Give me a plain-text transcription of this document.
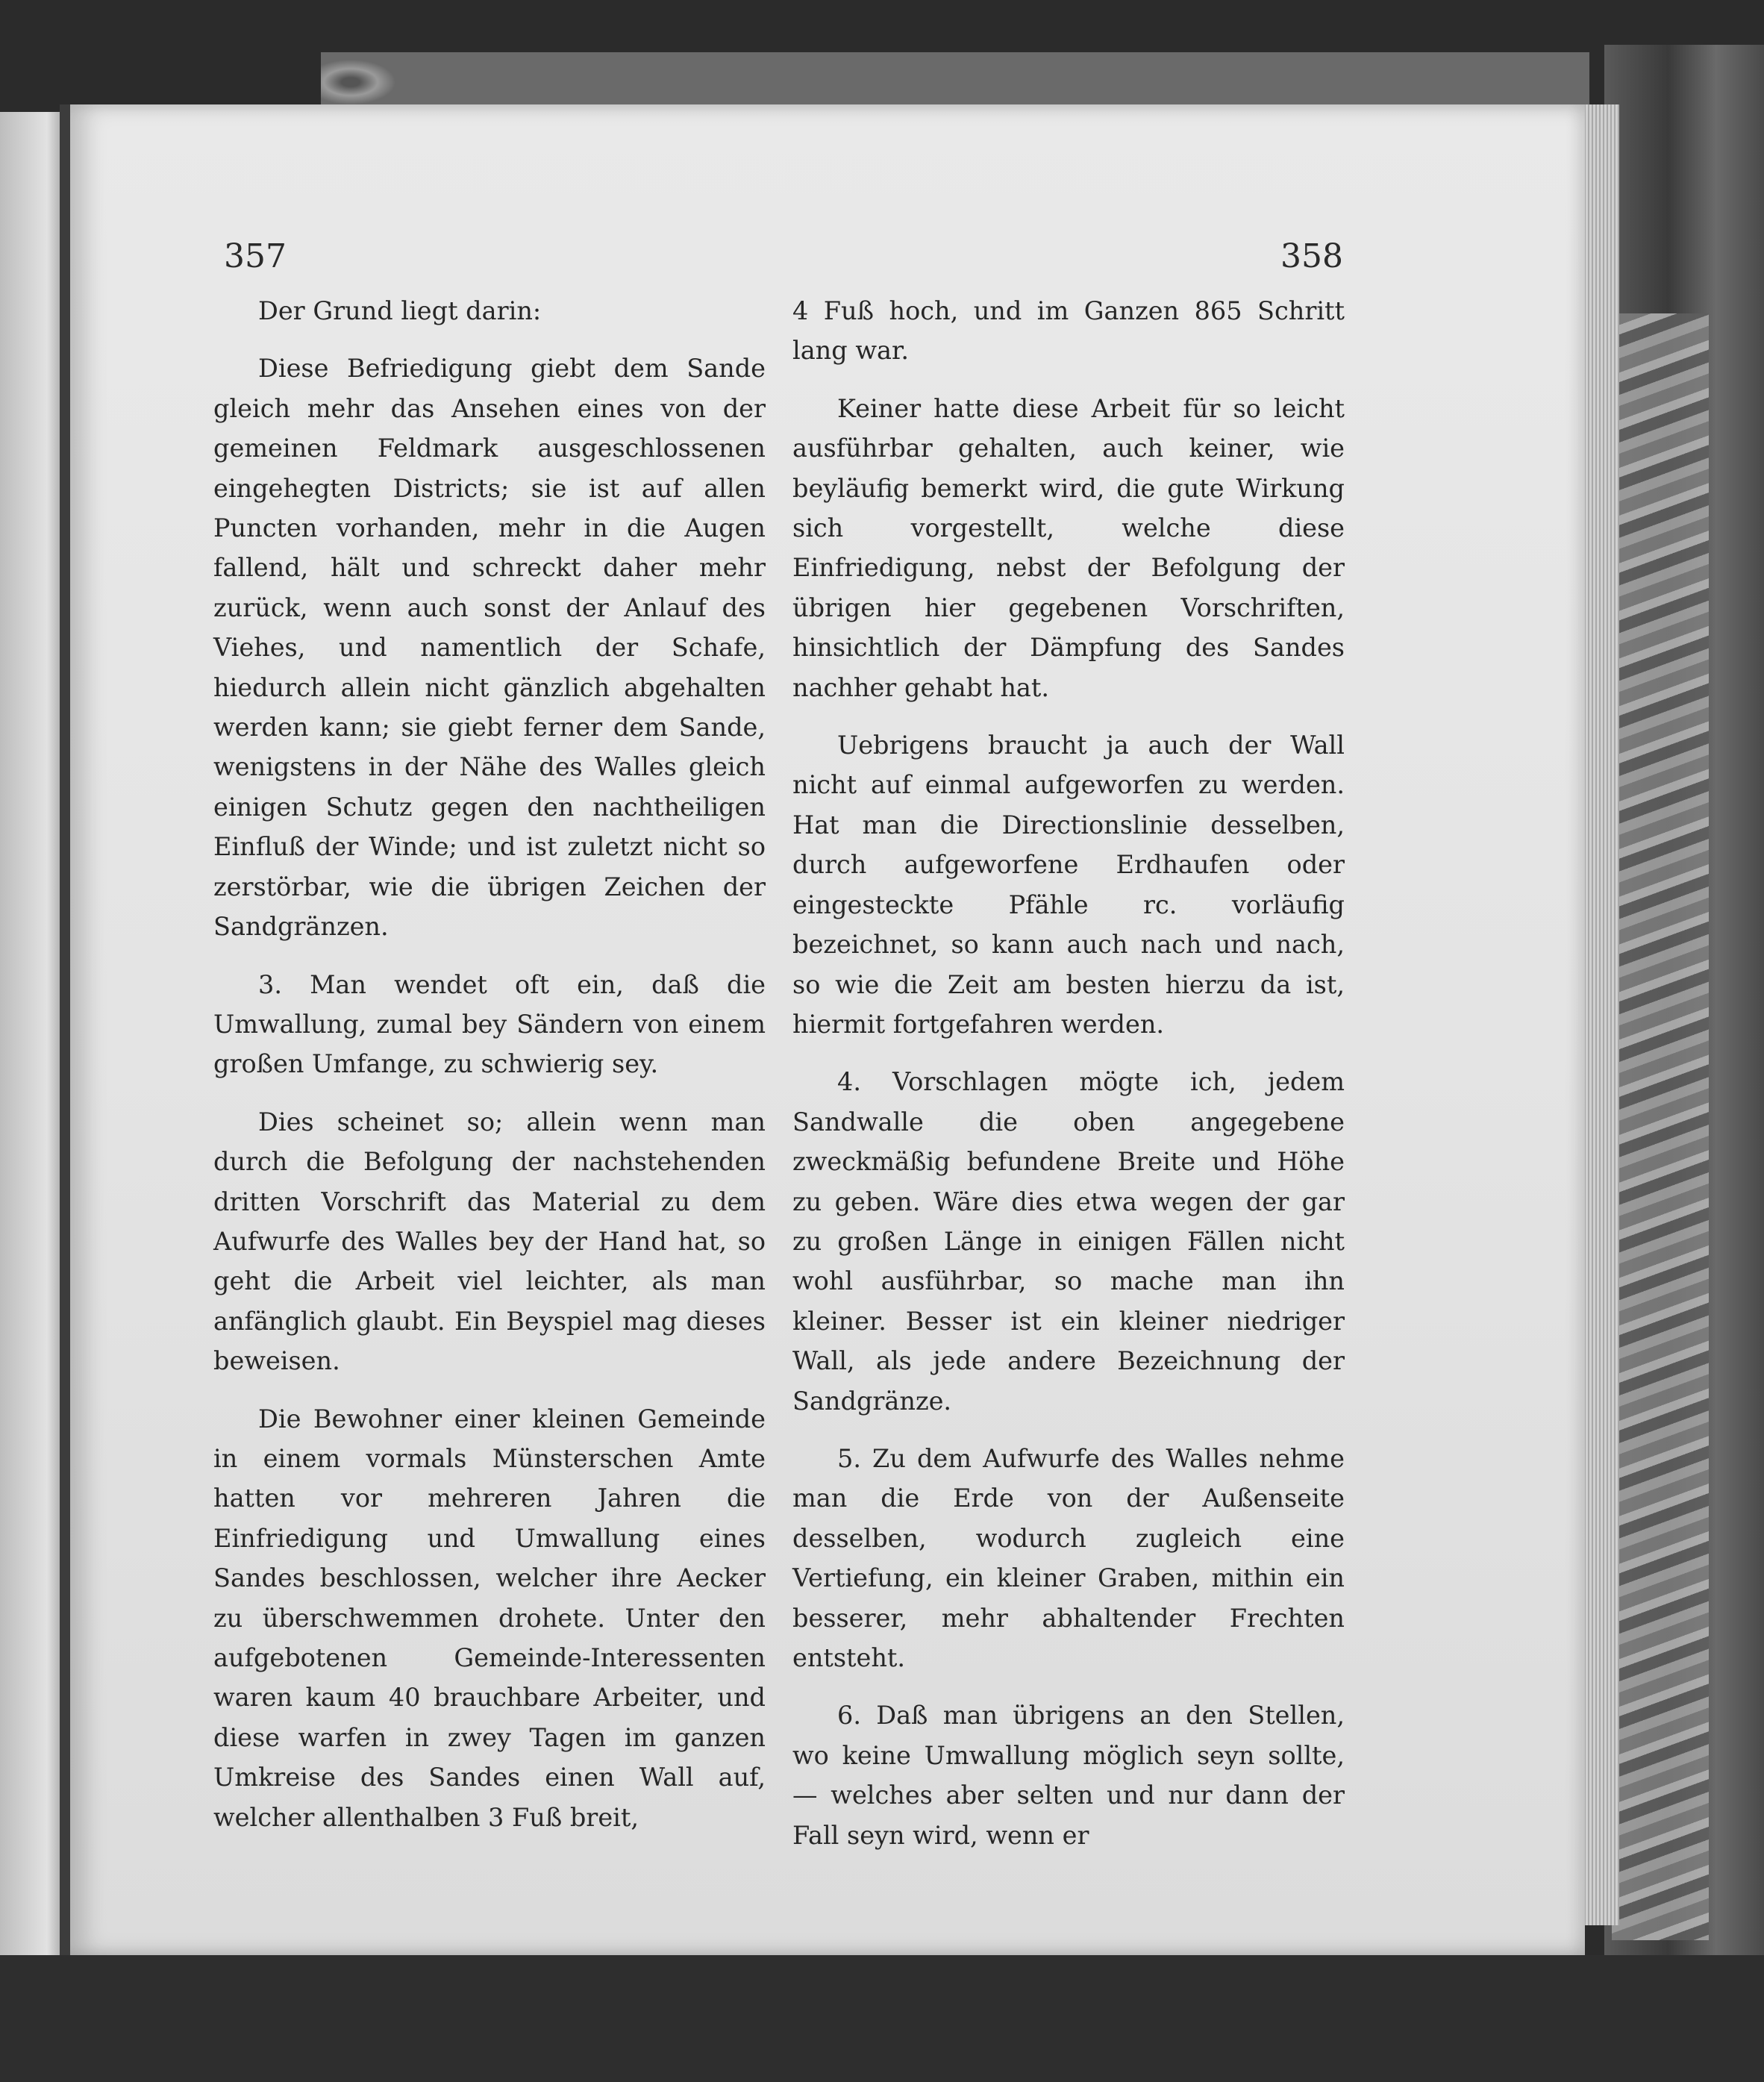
357	358

Der Grund liegt darin:

Diese Befriedigung giebt dem Sande gleich mehr das Ansehen eines von der gemeinen Feldmark ausgeschlossenen eingehegten Districts; sie ist auf allen Puncten vorhanden, mehr in die Augen fallend, hält und schreckt daher mehr zurück, wenn auch sonst der Anlauf des Viehes, und namentlich der Schafe, hiedurch allein nicht gänzlich abgehalten werden kann; sie giebt ferner dem Sande, wenigstens in der Nähe des Walles gleich einigen Schutz gegen den nachtheiligen Einfluß der Winde; und ist zuletzt nicht so zerstörbar, wie die übrigen Zeichen der Sandgränzen.

3. Man wendet oft ein, daß die Umwallung, zumal bey Sändern von einem großen Umfange, zu schwierig sey.

Dies scheinet so; allein wenn man durch die Befolgung der nachstehenden dritten Vorschrift das Material zu dem Aufwurfe des Walles bey der Hand hat, so geht die Arbeit viel leichter, als man anfänglich glaubt. Ein Beyspiel mag dieses beweisen.

Die Bewohner einer kleinen Gemeinde in einem vormals Münsterschen Amte hatten vor mehreren Jahren die Einfriedigung und Umwallung eines Sandes beschlossen, welcher ihre Aecker zu überschwemmen drohete. Unter den aufgebotenen Gemeinde-Interessenten waren kaum 40 brauchbare Arbeiter, und diese warfen in zwey Tagen im ganzen Umkreise des Sandes einen Wall auf, welcher allenthalben 3 Fuß breit,

4 Fuß hoch, und im Ganzen 865 Schritt lang war.

Keiner hatte diese Arbeit für so leicht ausführbar gehalten, auch keiner, wie beyläufig bemerkt wird, die gute Wirkung sich vorgestellt, welche diese Einfriedigung, nebst der Befolgung der übrigen hier gegebenen Vorschriften, hinsichtlich der Dämpfung des Sandes nachher gehabt hat.

Uebrigens braucht ja auch der Wall nicht auf einmal aufgeworfen zu werden. Hat man die Directionslinie desselben, durch aufgeworfene Erdhaufen oder eingesteckte Pfähle rc. vorläufig bezeichnet, so kann auch nach und nach, so wie die Zeit am besten hierzu da ist, hiermit fortgefahren werden.

4. Vorschlagen mögte ich, jedem Sandwalle die oben angegebene zweckmäßig befundene Breite und Höhe zu geben. Wäre dies etwa wegen der gar zu großen Länge in einigen Fällen nicht wohl ausführbar, so mache man ihn kleiner. Besser ist ein kleiner niedriger Wall, als jede andere Bezeichnung der Sandgränze.

5. Zu dem Aufwurfe des Walles nehme man die Erde von der Außenseite desselben, wodurch zugleich eine Vertiefung, ein kleiner Graben, mithin ein besserer, mehr abhaltender Frechten entsteht.

6. Daß man übrigens an den Stellen, wo keine Umwallung möglich seyn sollte, — welches aber selten und nur dann der Fall seyn wird, wenn er
